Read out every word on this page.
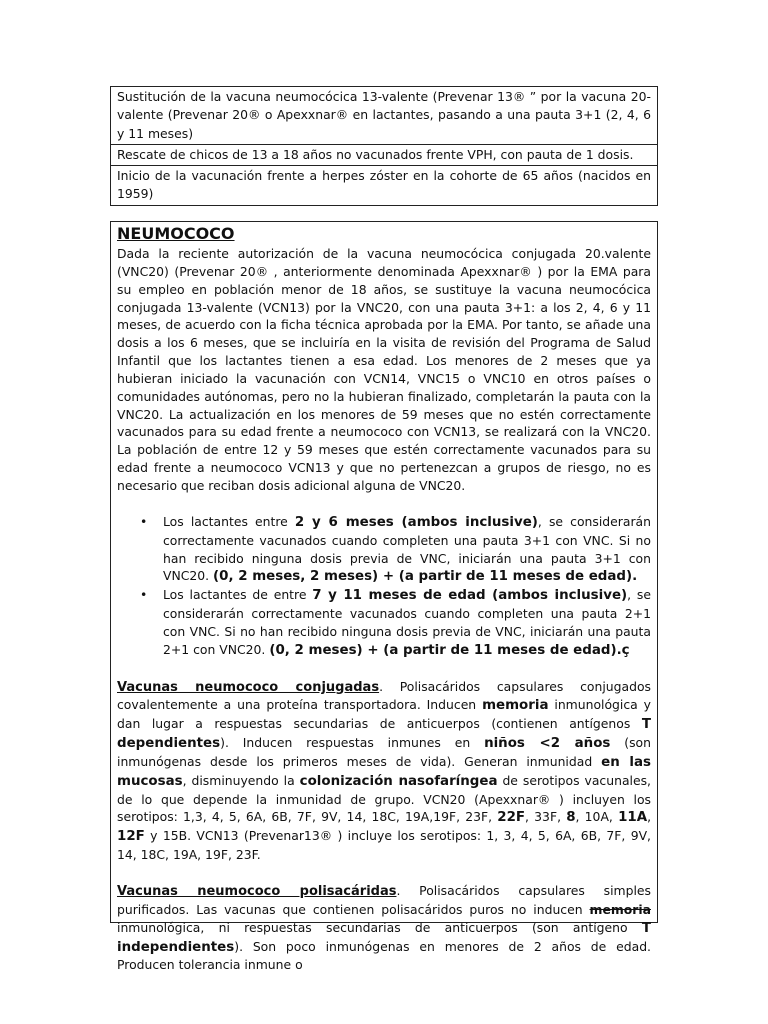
Sustitución de la vacuna neumocócica 13-valente (Prevenar 13® ” por la vacuna 20-valente (Prevenar 20® o Apexxnar® en lactantes, pasando a una pauta 3+1 (2, 4, 6 y 11 meses)
Rescate de chicos de 13 a 18 años no vacunados frente VPH, con pauta de 1 dosis.
Inicio de la vacunación frente a herpes zóster en la cohorte de 65 años (nacidos en 1959)

NEUMOCOCO

Dada la reciente autorización de la vacuna neumocócica conjugada 20.valente (VNC20) (Prevenar 20® , anteriormente denominada Apexxnar® ) por la EMA para su empleo en población menor de 18 años, se sustituye la vacuna neumocócica conjugada 13-valente (VCN13) por la VNC20, con una pauta 3+1: a los 2, 4, 6 y 11 meses, de acuerdo con la ficha técnica aprobada por la EMA. Por tanto, se añade una dosis a los 6 meses, que se incluiría en la visita de revisión del Programa de Salud Infantil que los lactantes tienen a esa edad. Los menores de 2 meses que ya hubieran iniciado la vacunación con VCN14, VNC15 o VNC10 en otros países o comunidades autónomas, pero no la hubieran finalizado, completarán la pauta con la VNC20. La actualización en los menores de 59 meses que no estén correctamente vacunados para su edad frente a neumococo con VCN13, se realizará con la VNC20. La población de entre 12 y 59 meses que estén correctamente vacunados para su edad frente a neumococo VCN13 y que no pertenezcan a grupos de riesgo, no es necesario que reciban dosis adicional alguna de VNC20.

• Los lactantes entre 2 y 6 meses (ambos inclusive), se considerarán correctamente vacunados cuando completen una pauta 3+1 con VNC. Si no han recibido ninguna dosis previa de VNC, iniciarán una pauta 3+1 con VNC20. (0, 2 meses, 2 meses) + (a partir de 11 meses de edad).
• Los lactantes de entre 7 y 11 meses de edad (ambos inclusive), se considerarán correctamente vacunados cuando completen una pauta 2+1 con VNC. Si no han recibido ninguna dosis previa de VNC, iniciarán una pauta 2+1 con VNC20. (0, 2 meses) + (a partir de 11 meses de edad).ç

Vacunas neumococo conjugadas. Polisacáridos capsulares conjugados covalentemente a una proteína transportadora. Inducen memoria inmunológica y dan lugar a respuestas secundarias de anticuerpos (contienen antígenos T dependientes). Inducen respuestas inmunes en niños <2 años (son inmunógenas desde los primeros meses de vida). Generan inmunidad en las mucosas, disminuyendo la colonización nasofaríngea de serotipos vacunales, de lo que depende la inmunidad de grupo. VCN20 (Apexxnar® ) incluyen los serotipos: 1,3, 4, 5, 6A, 6B, 7F, 9V, 14, 18C, 19A,19F, 23F, 22F, 33F, 8, 10A, 11A, 12F y 15B. VCN13 (Prevenar13® ) incluye los serotipos: 1, 3, 4, 5, 6A, 6B, 7F, 9V, 14, 18C, 19A, 19F, 23F.

Vacunas neumococo polisacáridas. Polisacáridos capsulares simples purificados. Las vacunas que contienen polisacáridos puros no inducen memoria inmunológica, ni respuestas secundarias de anticuerpos (son antígeno T independientes). Son poco inmunógenas en menores de 2 años de edad. Producen tolerancia inmune o
